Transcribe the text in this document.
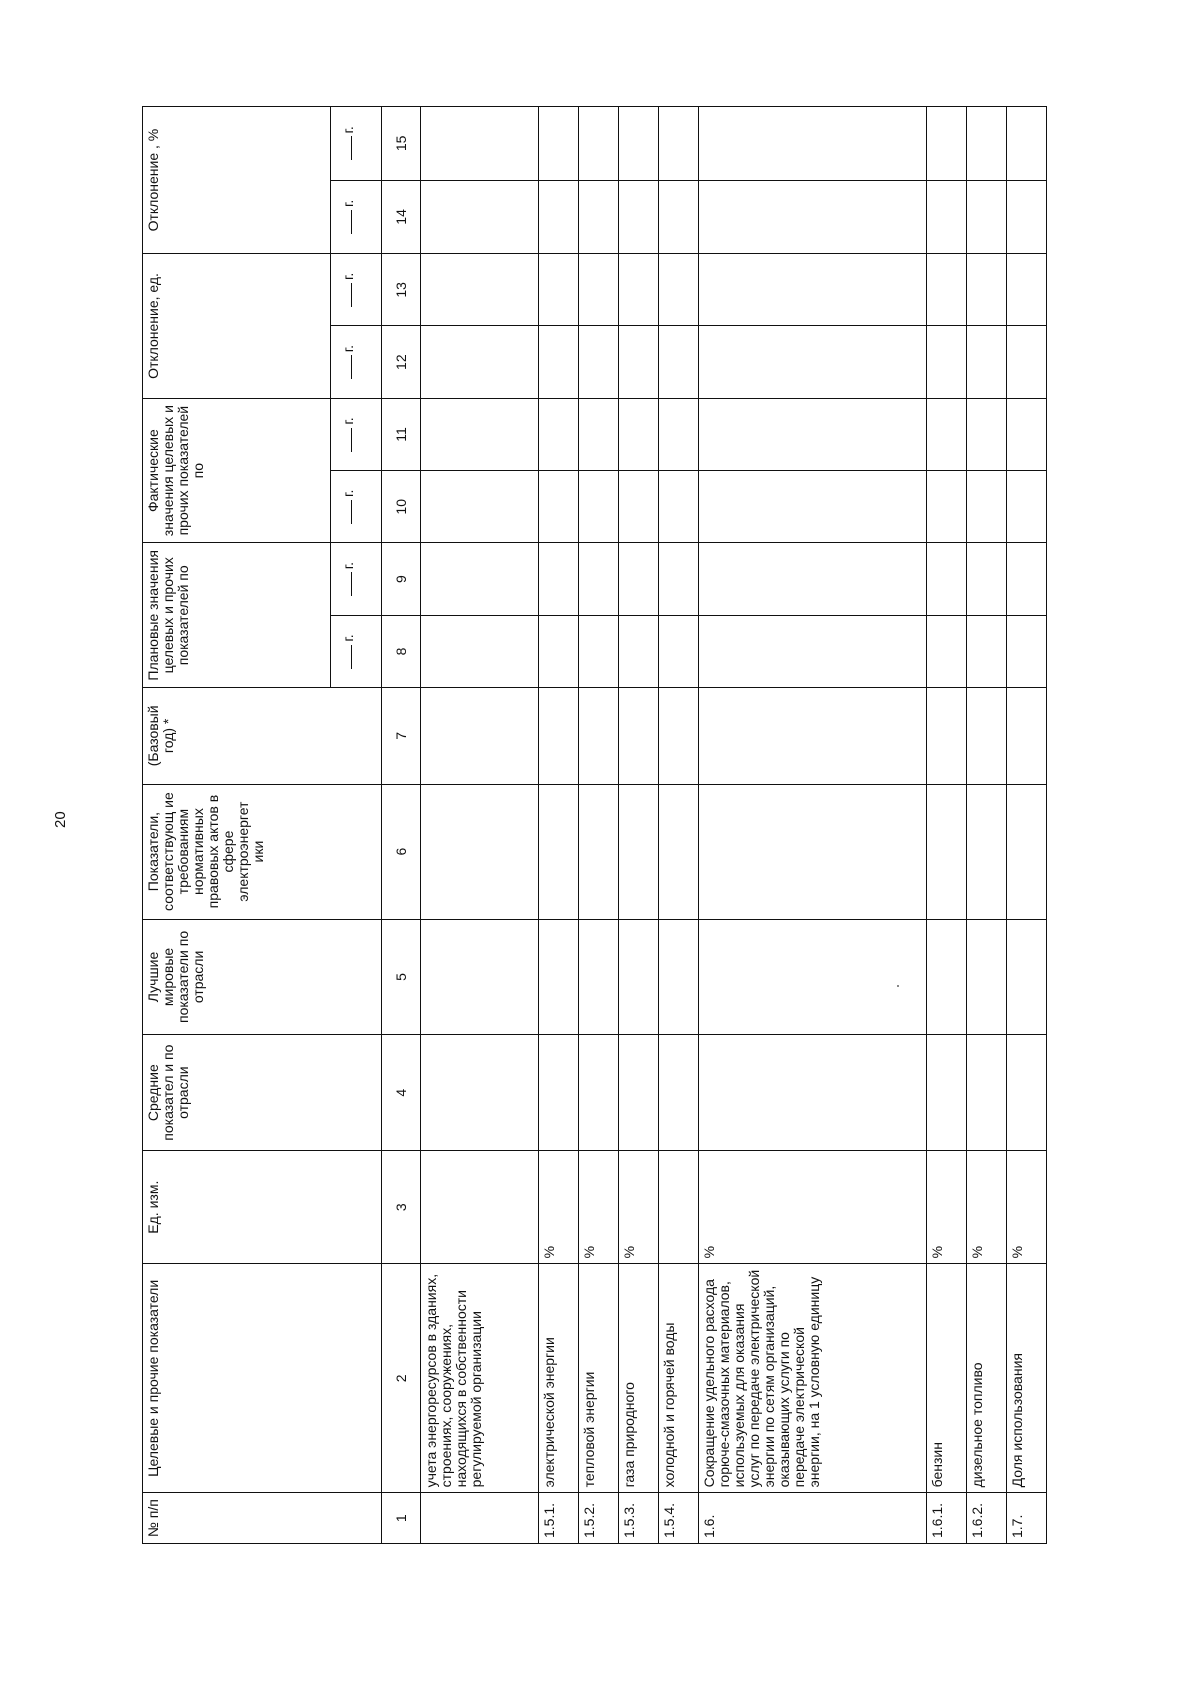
20
№ п/п	Целевые и прочие показатели	Ед. изм.	Средние показател и по отрасли	Лучшие мировые показатели по отрасли	Показатели, соответствующ ие требованиям нормативных правовых актов в сфере электроэнергет ики	(Базовый год) *	Плановые значения целевых и прочих показателей по		Фактические значения целевых и прочих показателей по		Отклонение, ед.		Отклонение , %	

							г.	г.	г.	г.	г.	г.	г.	г.

1	2	3	4	5	6	7	8	9	10	11	12	13	14	15
	учета энергоресурсов в зданиях, строениях, сооружениях, находящихся в собственности регулируемой организации													
1.5.1.	электрической энергии	%												
1.5.2.	тепловой энергии	%												
1.5.3.	газа природного	%												
1.5.4.	холодной и горячей воды													
1.6.	Сокращение удельного расхода горюче-смазочных материалов, используемых для оказания услуг по передаче электрической энергии по сетям организаций, оказывающих услуги по передаче электрической энергии, на 1 условную единицу	%												
1.6.1.	бензин	%												
1.6.2.	дизельное топливо	%												
1.7.	Доля использования	%												
